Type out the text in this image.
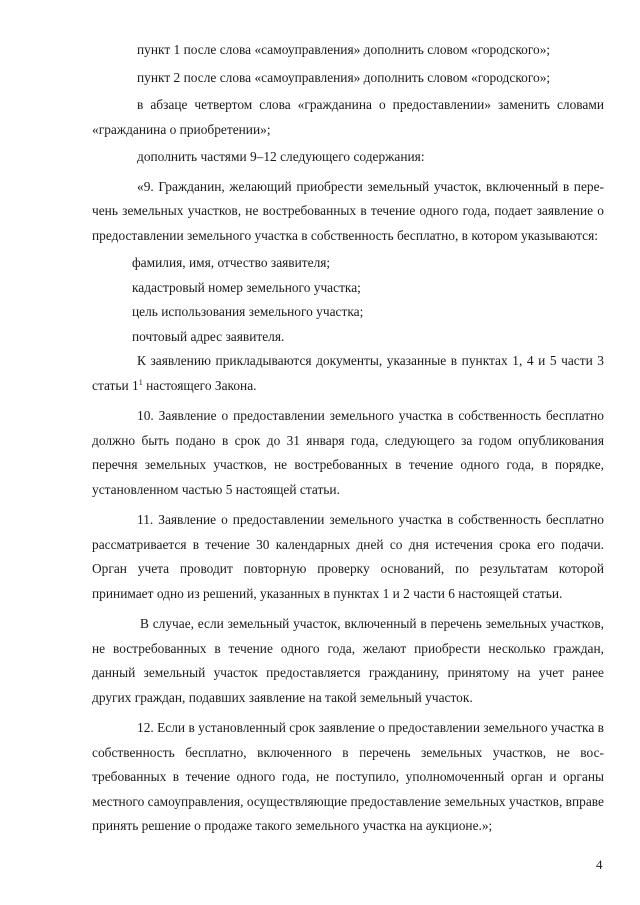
пункт 1 после слова «самоуправления» дополнить словом «городского»;

пункт 2 после слова «самоуправления» дополнить словом «городского»;

в абзаце четвертом слова «гражданина о предоставлении» заменить словами «гражданина о приобретении»;

дополнить частями 9–12 следующего содержания:

«9. Гражданин, желающий приобрести земельный участок, включенный в перечень земельных участков, не востребованных в течение одного года, подает заявление о предоставлении земельного участка в собственность бесплатно, в котором указываются:

фамилия, имя, отчество заявителя;

кадастровый номер земельного участка;

цель использования земельного участка;

почтовый адрес заявителя.

К заявлению прикладываются документы, указанные в пунктах 1, 4 и 5 части 3 статьи $1^1$ настоящего Закона.

10. Заявление о предоставлении земельного участка в собственность бесплатно должно быть подано в срок до 31 января года, следующего за годом опубликования перечня земельных участков, не востребованных в течение одного года, в порядке, установленном частью 5 настоящей статьи.

11. Заявление о предоставлении земельного участка в собственность бесплатно рассматривается в течение 30 календарных дней со дня истечения срока его подачи. Орган учета проводит повторную проверку оснований, по результатам которой принимает одно из решений, указанных в пунктах 1 и 2 части 6 настоящей статьи.

В случае, если земельный участок, включенный в перечень земельных участков, не востребованных в течение одного года, желают приобрести несколько граждан, данный земельный участок предоставляется гражданину, принятому на учет ранее других граждан, подавших заявление на такой земельный участок.

12. Если в установленный срок заявление о предоставлении земельного участка в собственность бесплатно, включенного в перечень земельных участков, не востребованных в течение одного года, не поступило, уполномоченный орган и органы местного самоуправления, осуществляющие предоставление земельных участков, вправе принять решение о продаже такого земельного участка на аукционе.»;

4
